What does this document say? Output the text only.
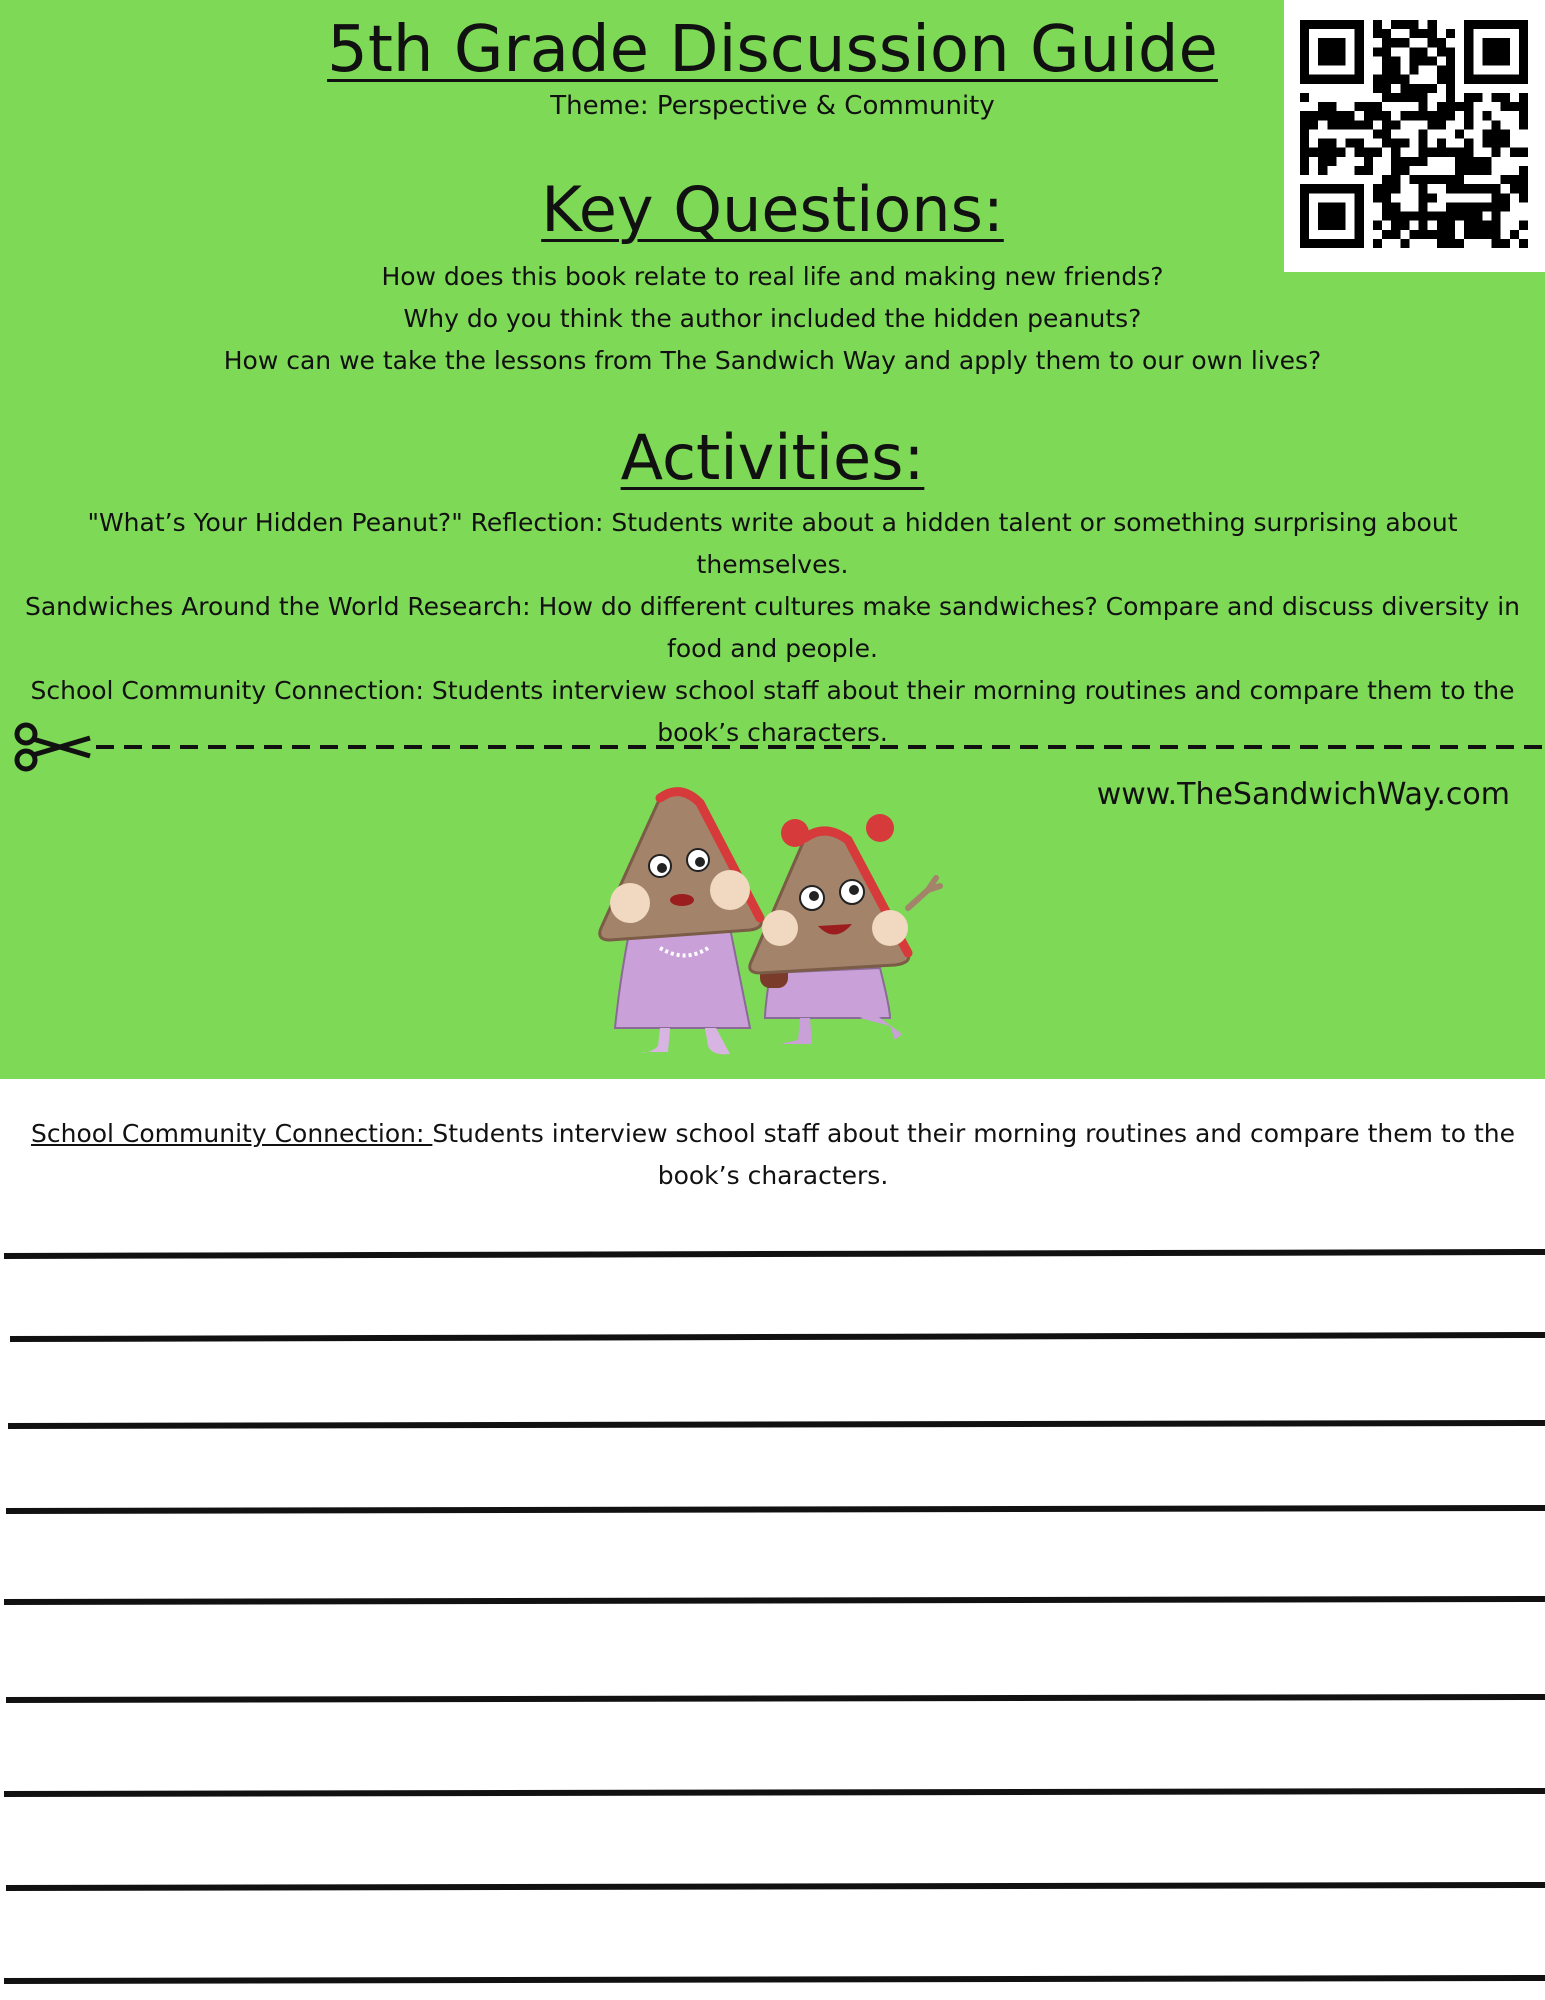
5th Grade Discussion Guide
Theme: Perspective & Community
Key Questions:
How does this book relate to real life and making new friends?
Why do you think the author included the hidden peanuts?
How can we take the lessons from The Sandwich Way and apply them to our own lives?
Activities:
"What’s Your Hidden Peanut?" Reflection: Students write about a hidden talent or something surprising about themselves.
Sandwiches Around the World Research: How do different cultures make sandwiches? Compare and discuss diversity in food and people.
School Community Connection: Students interview school staff about their morning routines and compare them to the book’s characters.
www.TheSandwichWay.com
School Community Connection: Students interview school staff about their morning routines and compare them to the book’s characters.
